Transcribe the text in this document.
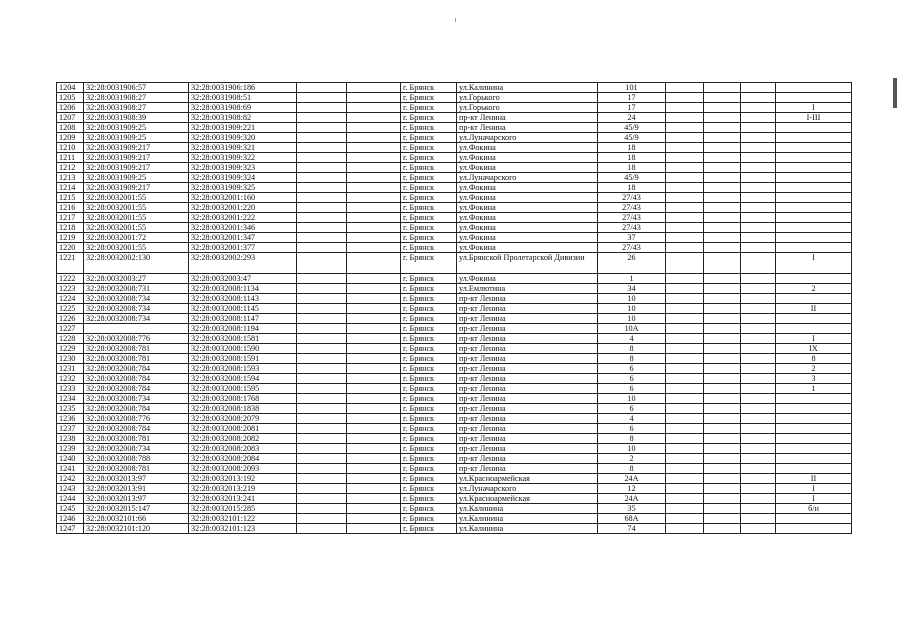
1204	32:28:0031906:57	32:28:0031906:186			г. Брянск	ул.Калинина	101				
1205	32:28:0031908:27	32:28:0031908:51			г. Брянск	ул.Горького	17				
1206	32:28:0031908:27	32:28:0031908:69			г. Брянск	ул.Горького	17				I
1207	32:28:0031908:39	32:28:0031908:82			г. Брянск	пр-кт Ленина	24				I-III
1208	32:28:0031909:25	32:28:0031909:221			г. Брянск	пр-кт Ленина	45/9				
1209	32:28:0031909:25	32:28:0031909:320			г. Брянск	ул.Луначарского	45/9				
1210	32:28:0031909:217	32:28:0031909:321			г. Брянск	ул.Фокина	18				
1211	32:28:0031909:217	32:28:0031909:322			г. Брянск	ул.Фокина	18				
1212	32:28:0031909:217	32:28:0031909:323			г. Брянск	ул.Фокина	18				
1213	32:28:0031909:25	32:28:0031909:324			г. Брянск	ул.Луначарского	45/9				
1214	32:28:0031909:217	32:28:0031909:325			г. Брянск	ул.Фокина	18				
1215	32:28:0032001:55	32:28:0032001:160			г. Брянск	ул.Фокина	27/43				
1216	32:28:0032001:55	32:28:0032001:220			г. Брянск	ул.Фокина	27/43				
1217	32:28:0032001:55	32:28:0032001:222			г. Брянск	ул.Фокина	27/43				
1218	32:28:0032001:55	32:28:0032001:346			г. Брянск	ул.Фокина	27/43				
1219	32:28:0032001:72	32:28:0032001:347			г. Брянск	ул.Фокина	37				
1220	32:28:0032001:55	32:28:0032001:377			г. Брянск	ул.Фокина	27/43				
1221	32:28:0032002:130	32:28:0032002:293			г. Брянск	ул.Брянской Пролетарской Дивизии	26				I
1222	32:28:0032003:27	32:28:0032003:47			г. Брянск	ул.Фокина	1				
1223	32:28:0032008:731	32:28:0032008:1134			г. Брянск	ул.Емлютина	34				2
1224	32:28:0032008:734	32:28:0032008:1143			г. Брянск	пр-кт Ленина	10				
1225	32:28:0032008:734	32:28:0032008:1145			г. Брянск	пр-кт Ленина	10				II
1226	32:28:0032008:734	32:28:0032008:1147			г. Брянск	пр-кт Ленина	10				
1227		32:28:0032008:1194			г. Брянск	пр-кт Ленина	10А				
1228	32:28:0032008:776	32:28:0032008:1581			г. Брянск	пр-кт Ленина	4				I
1229	32:28:0032008:781	32:28:0032008:1590			г. Брянск	пр-кт Ленина	8				IX
1230	32:28:0032008:781	32:28:0032008:1591			г. Брянск	пр-кт Ленина	8				8
1231	32:28:0032008:784	32:28:0032008:1593			г. Брянск	пр-кт Ленина	6				2
1232	32:28:0032008:784	32:28:0032008:1594			г. Брянск	пр-кт Ленина	6				3
1233	32:28:0032008:784	32:28:0032008:1595			г. Брянск	пр-кт Ленина	6				1
1234	32:28:0032008:734	32:28:0032008:1768			г. Брянск	пр-кт Ленина	10				
1235	32:28:0032008:784	32:28:0032008:1838			г. Брянск	пр-кт Ленина	6				
1236	32:28:0032008:776	32:28:0032008:2079			г. Брянск	пр-кт Ленина	4				
1237	32:28:0032008:784	32:28:0032008:2081			г. Брянск	пр-кт Ленина	6				
1238	32:28:0032008:781	32:28:0032008:2082			г. Брянск	пр-кт Ленина	8				
1239	32:28:0032008:734	32:28:0032008:2083			г. Брянск	пр-кт Ленина	10				
1240	32:28:0032008:788	32:28:0032008:2084			г. Брянск	пр-кт Ленина	2				
1241	32:28:0032008:781	32:28:0032008:2093			г. Брянск	пр-кт Ленина	8				
1242	32:28:0032013:97	32:28:0032013:192			г. Брянск	ул.Красноармейская	24А				II
1243	32:28:0032013:91	32:28:0032013:219			г. Брянск	ул.Луначарского	12				I
1244	32:28:0032013:97	32:28:0032013:241			г. Брянск	ул.Красноармейская	24А				I
1245	32:28:0032015:147	32:28:0032015:285			г. Брянск	ул.Калинина	35				б/н
1246	32:28:0032101:66	32:28:0032101:122			г. Брянск	ул.Калинина	68А				
1247	32:28:0032101:120	32:28:0032101:123			г. Брянск	ул.Калинина	74				
